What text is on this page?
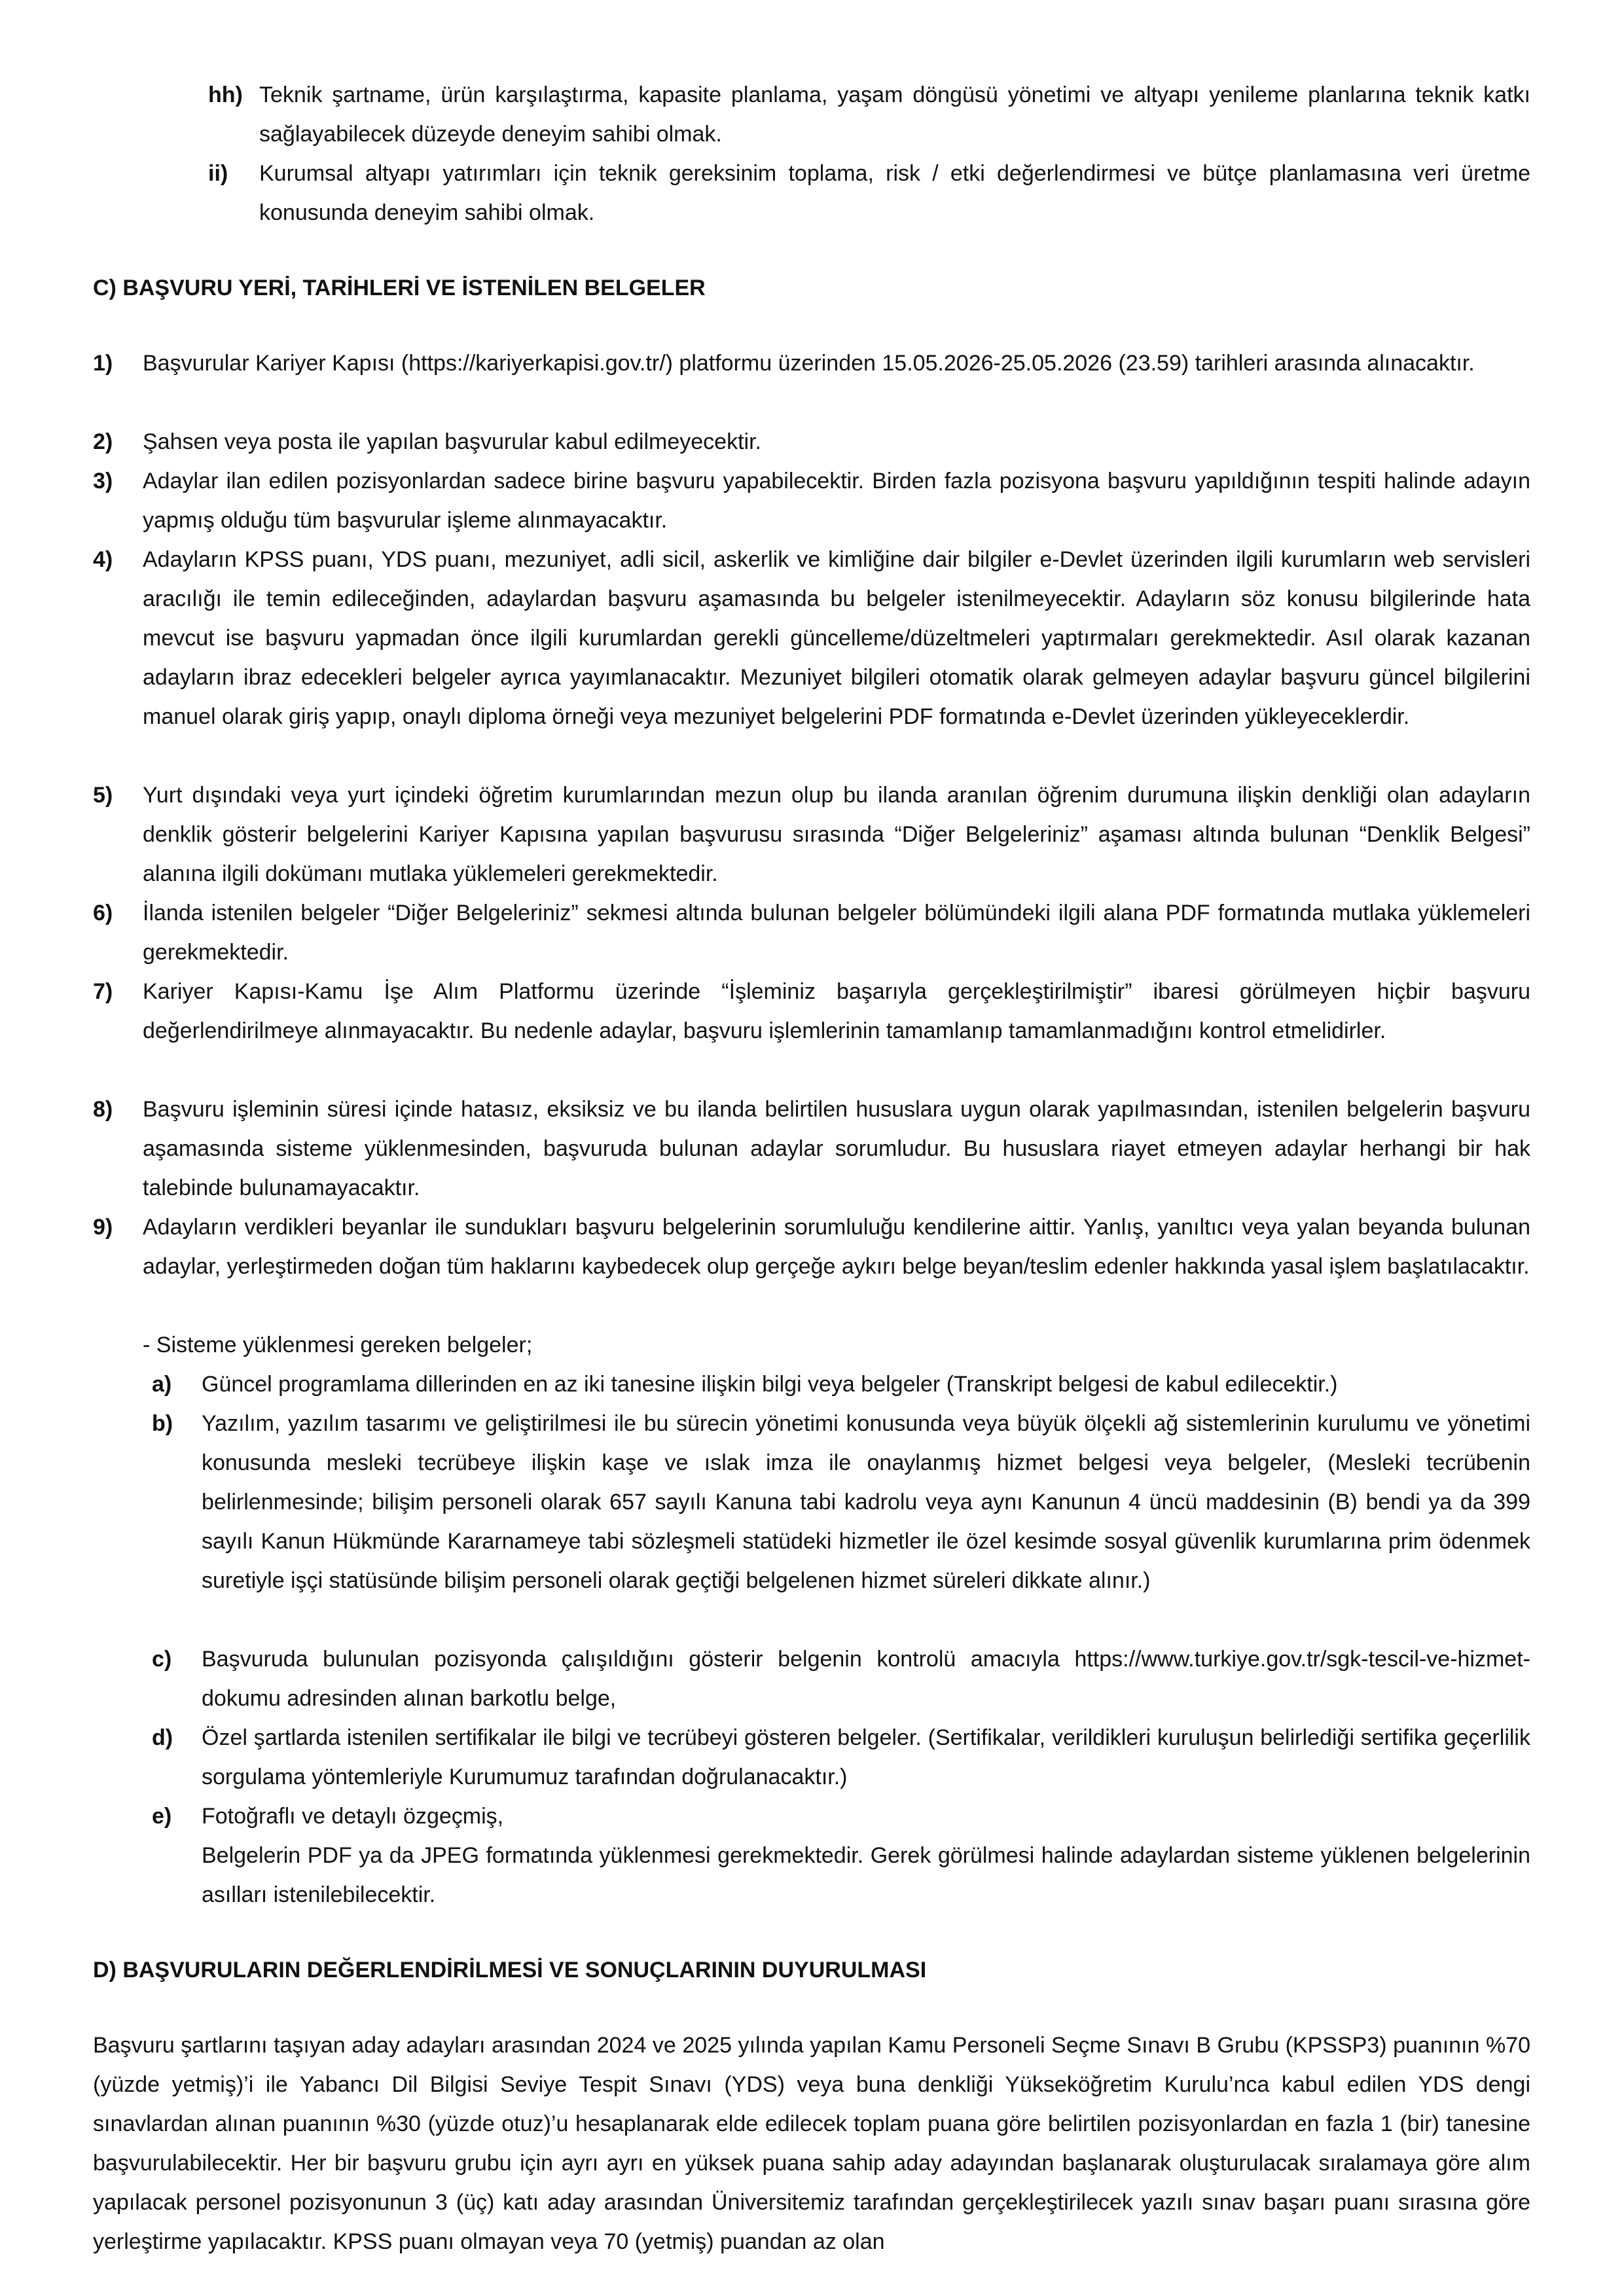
hh) Teknik şartname, ürün karşılaştırma, kapasite planlama, yaşam döngüsü yönetimi ve altyapı yenileme planlarına teknik katkı sağlayabilecek düzeyde deneyim sahibi olmak.
ii) Kurumsal altyapı yatırımları için teknik gereksinim toplama, risk / etki değerlendirmesi ve bütçe planlamasına veri üretme konusunda deneyim sahibi olmak.
C) BAŞVURU YERİ, TARİHLERİ VE İSTENİLEN BELGELER
1) Başvurular Kariyer Kapısı (https://kariyerkapisi.gov.tr/) platformu üzerinden 15.05.2026-25.05.2026 (23.59) tarihleri arasında alınacaktır.
2) Şahsen veya posta ile yapılan başvurular kabul edilmeyecektir.
3) Adaylar ilan edilen pozisyonlardan sadece birine başvuru yapabilecektir. Birden fazla pozisyona başvuru yapıldığının tespiti halinde adayın yapmış olduğu tüm başvurular işleme alınmayacaktır.
4) Adayların KPSS puanı, YDS puanı, mezuniyet, adli sicil, askerlik ve kimliğine dair bilgiler e-Devlet üzerinden ilgili kurumların web servisleri aracılığı ile temin edileceğinden, adaylardan başvuru aşamasında bu belgeler istenilmeyecektir. Adayların söz konusu bilgilerinde hata mevcut ise başvuru yapmadan önce ilgili kurumlardan gerekli güncelleme/düzeltmeleri yaptırmaları gerekmektedir. Asıl olarak kazanan adayların ibraz edecekleri belgeler ayrıca yayımlanacaktır. Mezuniyet bilgileri otomatik olarak gelmeyen adaylar başvuru güncel bilgilerini manuel olarak giriş yapıp, onaylı diploma örneği veya mezuniyet belgelerini PDF formatında e-Devlet üzerinden yükleyeceklerdir.
5) Yurt dışındaki veya yurt içindeki öğretim kurumlarından mezun olup bu ilanda aranılan öğrenim durumuna ilişkin denkliği olan adayların denklik gösterir belgelerini Kariyer Kapısına yapılan başvurusu sırasında “Diğer Belgeleriniz” aşaması altında bulunan “Denklik Belgesi” alanına ilgili dokümanı mutlaka yüklemeleri gerekmektedir.
6) İlanda istenilen belgeler “Diğer Belgeleriniz” sekmesi altında bulunan belgeler bölümündeki ilgili alana PDF formatında mutlaka yüklemeleri gerekmektedir.
7) Kariyer Kapısı-Kamu İşe Alım Platformu üzerinde “İşleminiz başarıyla gerçekleştirilmiştir” ibaresi görülmeyen hiçbir başvuru değerlendirilmeye alınmayacaktır. Bu nedenle adaylar, başvuru işlemlerinin tamamlanıp tamamlanmadığını kontrol etmelidirler.
8) Başvuru işleminin süresi içinde hatasız, eksiksiz ve bu ilanda belirtilen hususlara uygun olarak yapılmasından, istenilen belgelerin başvuru aşamasında sisteme yüklenmesinden, başvuruda bulunan adaylar sorumludur. Bu hususlara riayet etmeyen adaylar herhangi bir hak talebinde bulunamayacaktır.
9) Adayların verdikleri beyanlar ile sundukları başvuru belgelerinin sorumluluğu kendilerine aittir. Yanlış, yanıltıcı veya yalan beyanda bulunan adaylar, yerleştirmeden doğan tüm haklarını kaybedecek olup gerçeğe aykırı belge beyan/teslim edenler hakkında yasal işlem başlatılacaktır.
- Sisteme yüklenmesi gereken belgeler;
a) Güncel programlama dillerinden en az iki tanesine ilişkin bilgi veya belgeler (Transkript belgesi de kabul edilecektir.)
b) Yazılım, yazılım tasarımı ve geliştirilmesi ile bu sürecin yönetimi konusunda veya büyük ölçekli ağ sistemlerinin kurulumu ve yönetimi konusunda mesleki tecrübeye ilişkin kaşe ve ıslak imza ile onaylanmış hizmet belgesi veya belgeler, (Mesleki tecrübenin belirlenmesinde; bilişim personeli olarak 657 sayılı Kanuna tabi kadrolu veya aynı Kanunun 4 üncü maddesinin (B) bendi ya da 399 sayılı Kanun Hükmünde Kararnameye tabi sözleşmeli statüdeki hizmetler ile özel kesimde sosyal güvenlik kurumlarına prim ödenmek suretiyle işçi statüsünde bilişim personeli olarak geçtiği belgelenen hizmet süreleri dikkate alınır.)
c) Başvuruda bulunulan pozisyonda çalışıldığını gösterir belgenin kontrolü amacıyla https://www.turkiye.gov.tr/sgk-tescil-ve-hizmet-dokumu adresinden alınan barkotlu belge,
d) Özel şartlarda istenilen sertifikalar ile bilgi ve tecrübeyi gösteren belgeler. (Sertifikalar, verildikleri kuruluşun belirlediği sertifika geçerlilik sorgulama yöntemleriyle Kurumumuz tarafından doğrulanacaktır.)
e) Fotoğraflı ve detaylı özgeçmiş,
Belgelerin PDF ya da JPEG formatında yüklenmesi gerekmektedir. Gerek görülmesi halinde adaylardan sisteme yüklenen belgelerinin asılları istenilebilecektir.
D) BAŞVURULARIN DEĞERLENDİRİLMESİ VE SONUÇLARININ DUYURULMASI
Başvuru şartlarını taşıyan aday adayları arasından 2024 ve 2025 yılında yapılan Kamu Personeli Seçme Sınavı B Grubu (KPSSP3) puanının %70 (yüzde yetmiş)’i ile Yabancı Dil Bilgisi Seviye Tespit Sınavı (YDS) veya buna denkliği Yükseköğretim Kurulu’nca kabul edilen YDS dengi sınavlardan alınan puanının %30 (yüzde otuz)’u hesaplanarak elde edilecek toplam puana göre belirtilen pozisyonlardan en fazla 1 (bir) tanesine başvurulabilecektir. Her bir başvuru grubu için ayrı ayrı en yüksek puana sahip aday adayından başlanarak oluşturulacak sıralamaya göre alım yapılacak personel pozisyonunun 3 (üç) katı aday arasından Üniversitemiz tarafından gerçekleştirilecek yazılı sınav başarı puanı sırasına göre yerleştirme yapılacaktır. KPSS puanı olmayan veya 70 (yetmiş) puandan az olan
